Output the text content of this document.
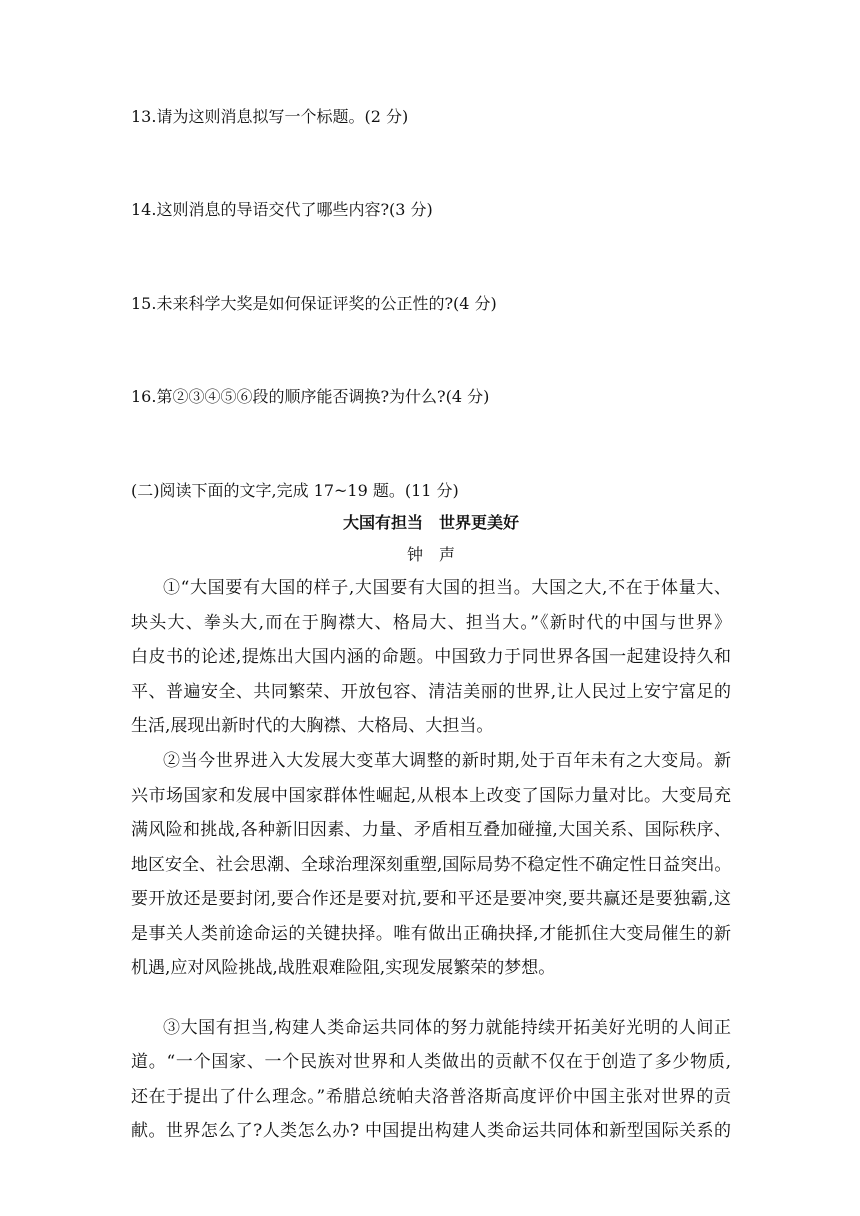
13.请为这则消息拟写一个标题。(2 分)
14.这则消息的导语交代了哪些内容?(3 分)
15.未来科学大奖是如何保证评奖的公正性的?(4 分)
16.第②③④⑤⑥段的顺序能否调换?为什么?(4 分)
(二)阅读下面的文字,完成 17~19 题。(11 分)
大国有担当　世界更美好
钟　声
①“大国要有大国的样子,大国要有大国的担当。大国之大,不在于体量大、
块头大、拳头大,而在于胸襟大、格局大、担当大。”《新时代的中国与世界》
白皮书的论述,提炼出大国内涵的命题。中国致力于同世界各国一起建设持久和
平、普遍安全、共同繁荣、开放包容、清洁美丽的世界,让人民过上安宁富足的
生活,展现出新时代的大胸襟、大格局、大担当。
②当今世界进入大发展大变革大调整的新时期,处于百年未有之大变局。新
兴市场国家和发展中国家群体性崛起,从根本上改变了国际力量对比。大变局充
满风险和挑战,各种新旧因素、力量、矛盾相互叠加碰撞,大国关系、国际秩序、
地区安全、社会思潮、全球治理深刻重塑,国际局势不稳定性不确定性日益突出。
要开放还是要封闭,要合作还是要对抗,要和平还是要冲突,要共赢还是要独霸,这
是事关人类前途命运的关键抉择。唯有做出正确抉择,才能抓住大变局催生的新
机遇,应对风险挑战,战胜艰难险阻,实现发展繁荣的梦想。
③大国有担当,构建人类命运共同体的努力就能持续开拓美好光明的人间正
道。“一个国家、一个民族对世界和人类做出的贡献不仅在于创造了多少物质,
还在于提出了什么理念。”希腊总统帕夫洛普洛斯高度评价中国主张对世界的贡
献。世界怎么了?人类怎么办? 中国提出构建人类命运共同体和新型国际关系的
